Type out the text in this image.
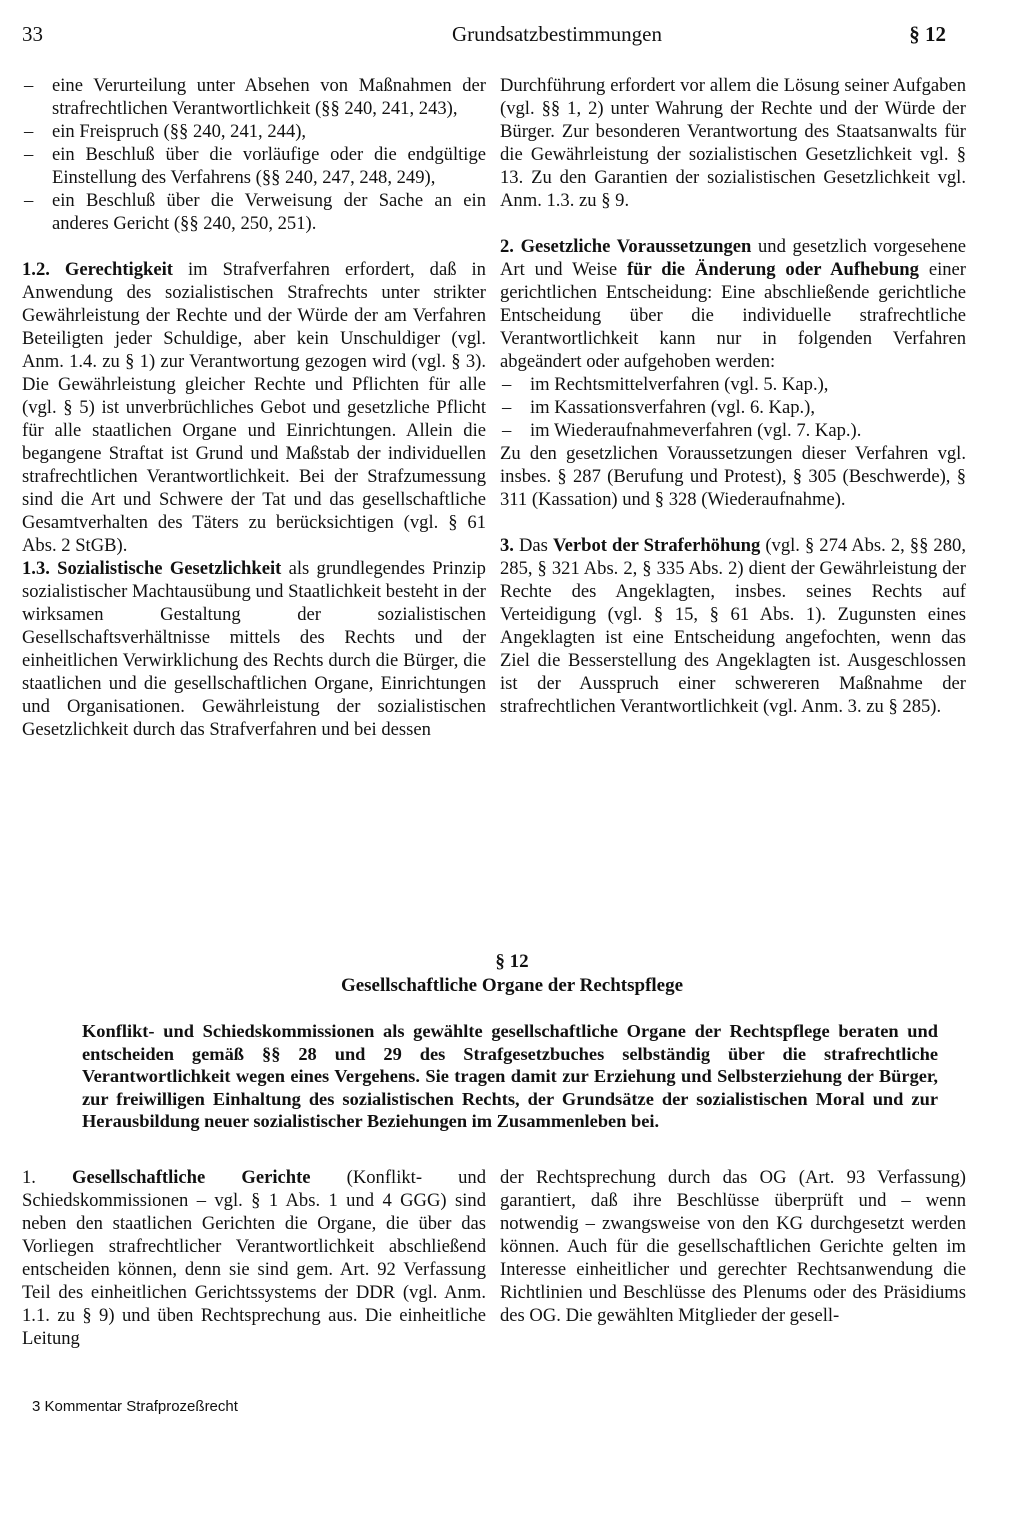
33	Grundsatzbestimmungen	§ 12
– eine Verurteilung unter Absehen von Maßnahmen der strafrechtlichen Verantwortlichkeit (§§ 240, 241, 243),
– ein Freispruch (§§ 240, 241, 244),
– ein Beschluß über die vorläufige oder die endgültige Einstellung des Verfahrens (§§ 240, 247, 248, 249),
– ein Beschluß über die Verweisung der Sache an ein anderes Gericht (§§ 240, 250, 251).

1.2. Gerechtigkeit im Strafverfahren erfordert, daß in Anwendung des sozialistischen Strafrechts unter strikter Gewährleistung der Rechte und der Würde der am Verfahren Beteiligten jeder Schuldige, aber kein Unschuldiger (vgl. Anm. 1.4. zu § 1) zur Verantwortung gezogen wird (vgl. § 3). Die Gewährleistung gleicher Rechte und Pflichten für alle (vgl. § 5) ist unverbrüchliches Gebot und gesetzliche Pflicht für alle staatlichen Organe und Einrichtungen. Allein die begangene Straftat ist Grund und Maßstab der individuellen strafrechtlichen Verantwortlichkeit. Bei der Strafzumessung sind die Art und Schwere der Tat und das gesellschaftliche Gesamtverhalten des Täters zu berücksichtigen (vgl. § 61 Abs. 2 StGB).

1.3. Sozialistische Gesetzlichkeit als grundlegendes Prinzip sozialistischer Machtausübung und Staatlichkeit besteht in der wirksamen Gestaltung der sozialistischen Gesellschaftsverhältnisse mittels des Rechts und der einheitlichen Verwirklichung des Rechts durch die Bürger, die staatlichen und die gesellschaftlichen Organe, Einrichtungen und Organisationen. Gewährleistung der sozialistischen Gesetzlichkeit durch das Strafverfahren und bei dessen

Durchführung erfordert vor allem die Lösung seiner Aufgaben (vgl. §§ 1, 2) unter Wahrung der Rechte und der Würde der Bürger. Zur besonderen Verantwortung des Staatsanwalts für die Gewährleistung der sozialistischen Gesetzlichkeit vgl. § 13. Zu den Garantien der sozialistischen Gesetzlichkeit vgl. Anm. 1.3. zu § 9.

2. Gesetzliche Voraussetzungen und gesetzlich vorgesehene Art und Weise für die Änderung oder Aufhebung einer gerichtlichen Entscheidung: Eine abschließende gerichtliche Entscheidung über die individuelle strafrechtliche Verantwortlichkeit kann nur in folgenden Verfahren abgeändert oder aufgehoben werden:

– im Rechtsmittelverfahren (vgl. 5. Kap.),
– im Kassationsverfahren (vgl. 6. Kap.),
– im Wiederaufnahmeverfahren (vgl. 7. Kap.).

Zu den gesetzlichen Voraussetzungen dieser Verfahren vgl. insbes. § 287 (Berufung und Protest), § 305 (Beschwerde), § 311 (Kassation) und § 328 (Wiederaufnahme).

3. Das Verbot der Straferhöhung (vgl. § 274 Abs. 2, §§ 280, 285, § 321 Abs. 2, § 335 Abs. 2) dient der Gewährleistung der Rechte des Angeklagten, insbes. seines Rechts auf Verteidigung (vgl. § 15, § 61 Abs. 1). Zugunsten eines Angeklagten ist eine Entscheidung angefochten, wenn das Ziel die Besserstellung des Angeklagten ist. Ausgeschlossen ist der Ausspruch einer schwereren Maßnahme der strafrechtlichen Verantwortlichkeit (vgl. Anm. 3. zu § 285).

§ 12
Gesellschaftliche Organe der Rechtspflege
Konflikt- und Schiedskommissionen als gewählte gesellschaftliche Organe der Rechtspflege beraten und entscheiden gemäß §§ 28 und 29 des Strafgesetzbuches selbständig über die strafrechtliche Verantwortlichkeit wegen eines Vergehens. Sie tragen damit zur Erziehung und Selbsterziehung der Bürger, zur freiwilligen Einhaltung des sozialistischen Rechts, der Grundsätze der sozialistischen Moral und zur Herausbildung neuer sozialistischer Beziehungen im Zusammenleben bei.

1. Gesellschaftliche Gerichte (Konflikt- und Schiedskommissionen – vgl. § 1 Abs. 1 und 4 GGG) sind neben den staatlichen Gerichten die Organe, die über das Vorliegen strafrechtlicher Verantwortlichkeit abschließend entscheiden können, denn sie sind gem. Art. 92 Verfassung Teil des einheitlichen Gerichtssystems der DDR (vgl. Anm. 1.1. zu § 9) und üben Rechtsprechung aus. Die einheitliche Leitung

der Rechtsprechung durch das OG (Art. 93 Verfassung) garantiert, daß ihre Beschlüsse überprüft und – wenn notwendig – zwangsweise von den KG durchgesetzt werden können. Auch für die gesellschaftlichen Gerichte gelten im Interesse einheitlicher und gerechter Rechtsanwendung die Richtlinien und Beschlüsse des Plenums oder des Präsidiums des OG. Die gewählten Mitglieder der gesell-

3 Kommentar Strafprozeßrecht
